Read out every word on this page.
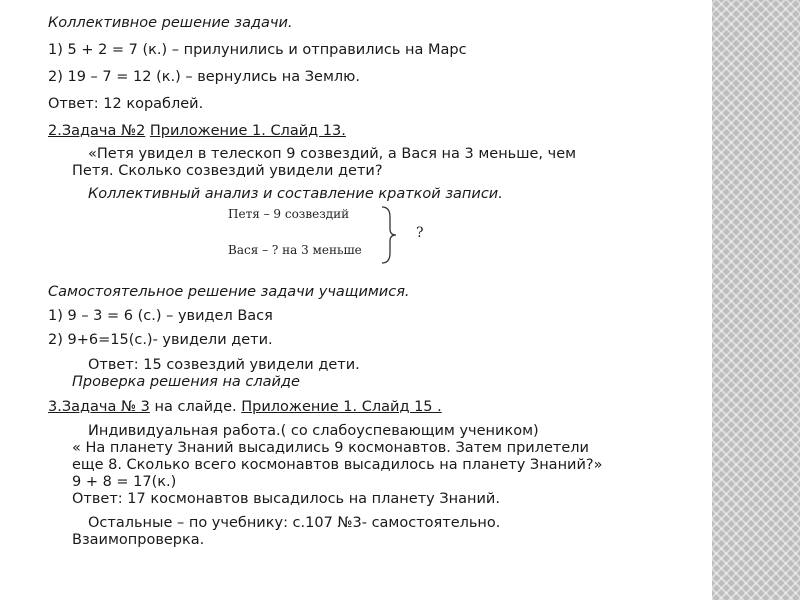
Коллективное решение задачи.
1) 5 + 2 = 7 (к.) – прилунились и отправились на Марс
2) 19 – 7 = 12 (к.) – вернулись на Землю.
Ответ: 12 кораблей.
2.Задача №2 Приложение 1. Слайд 13.
«Петя увидел в телескоп 9 созвездий, а Вася на 3 меньше, чем
Петя. Сколько созвездий увидели дети?
Коллективный анализ и составление краткой записи.
Петя – 9 созвездий
Вася – ? на 3 меньше
?
Самостоятельное решение задачи учащимися.
1) 9 – 3 = 6 (с.) – увидел Вася
2) 9+6=15(с.)- увидели дети.
Ответ: 15 созвездий увидели дети.
Проверка решения на слайде
3.Задача № 3 на слайде. Приложение 1. Слайд 15 .
Индивидуальная работа.( со слабоуспевающим учеником)
« На планету Знаний высадились 9 космонавтов. Затем прилетели
еще 8. Сколько всего космонавтов высадилось на планету Знаний?»
9 + 8 = 17(к.)
Ответ: 17 космонавтов высадилось на планету Знаний.
Остальные – по учебнику: с.107 №3- самостоятельно.
Взаимопроверка.
